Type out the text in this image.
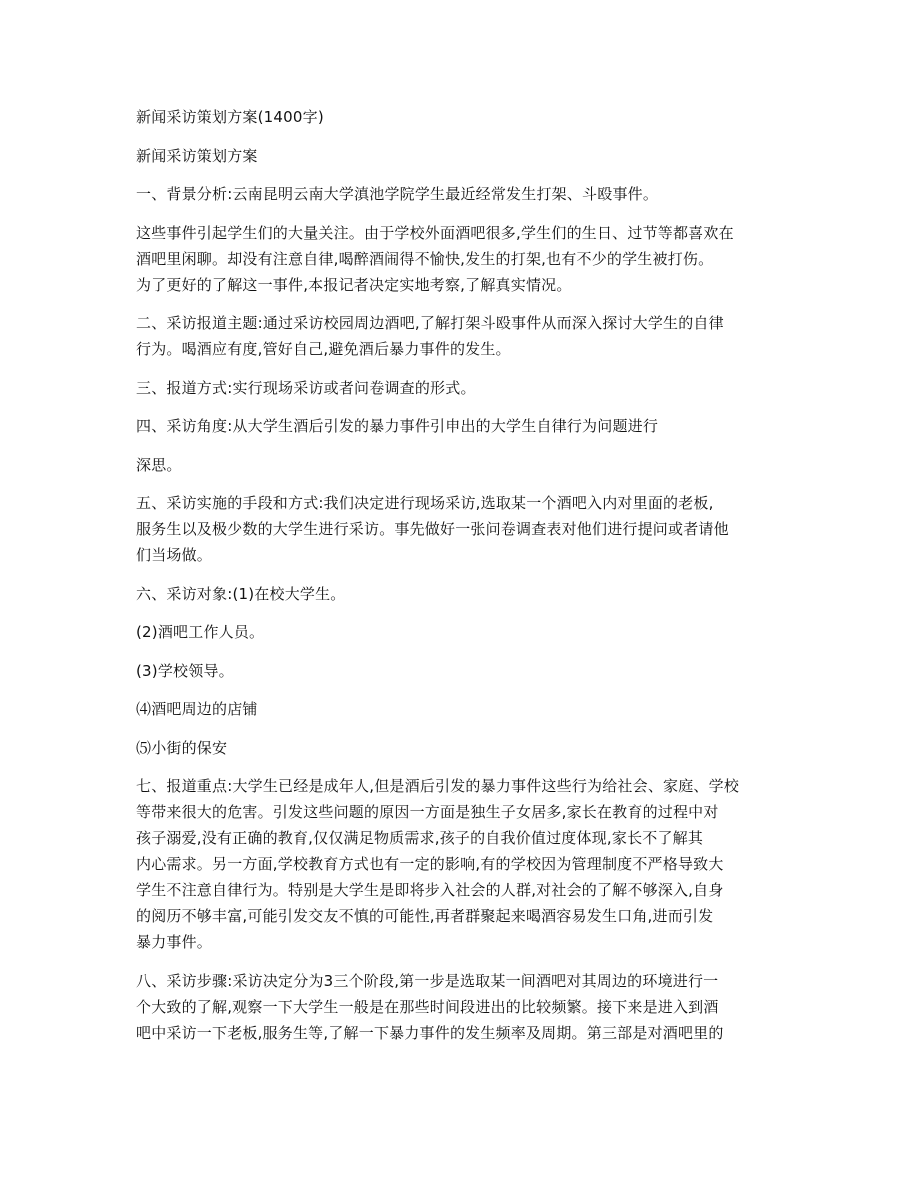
新闻采访策划方案(1400字)

新闻采访策划方案

一、背景分析:云南昆明云南大学滇池学院学生最近经常发生打架、斗殴事件。

这些事件引起学生们的大量关注。由于学校外面酒吧很多,学生们的生日、过节等都喜欢在
酒吧里闲聊。却没有注意自律,喝醉酒闹得不愉快,发生的打架,也有不少的学生被打伤。
为了更好的了解这一事件,本报记者决定实地考察,了解真实情况。

二、采访报道主题:通过采访校园周边酒吧,了解打架斗殴事件从而深入探讨大学生的自律
行为。喝酒应有度,管好自己,避免酒后暴力事件的发生。

三、报道方式:实行现场采访或者问卷调查的形式。

四、采访角度:从大学生酒后引发的暴力事件引申出的大学生自律行为问题进行

深思。

五、采访实施的手段和方式:我们决定进行现场采访,选取某一个酒吧入内对里面的老板,
服务生以及极少数的大学生进行采访。事先做好一张问卷调查表对他们进行提问或者请他
们当场做。

六、采访对象:(1)在校大学生。

(2)酒吧工作人员。

(3)学校领导。

⑷酒吧周边的店铺

⑸小街的保安

七、报道重点:大学生已经是成年人,但是酒后引发的暴力事件这些行为给社会、家庭、学校
等带来很大的危害。引发这些问题的原因一方面是独生子女居多,家长在教育的过程中对
孩子溺爱,没有正确的教育,仅仅满足物质需求,孩子的自我价值过度体现,家长不了解其
内心需求。另一方面,学校教育方式也有一定的影响,有的学校因为管理制度不严格导致大
学生不注意自律行为。特别是大学生是即将步入社会的人群,对社会的了解不够深入,自身
的阅历不够丰富,可能引发交友不慎的可能性,再者群聚起来喝酒容易发生口角,进而引发
暴力事件。

八、采访步骤:采访决定分为3三个阶段,第一步是选取某一间酒吧对其周边的环境进行一
个大致的了解,观察一下大学生一般是在那些时间段进出的比较频繁。接下来是进入到酒
吧中采访一下老板,服务生等,了解一下暴力事件的发生频率及周期。第三部是对酒吧里的
